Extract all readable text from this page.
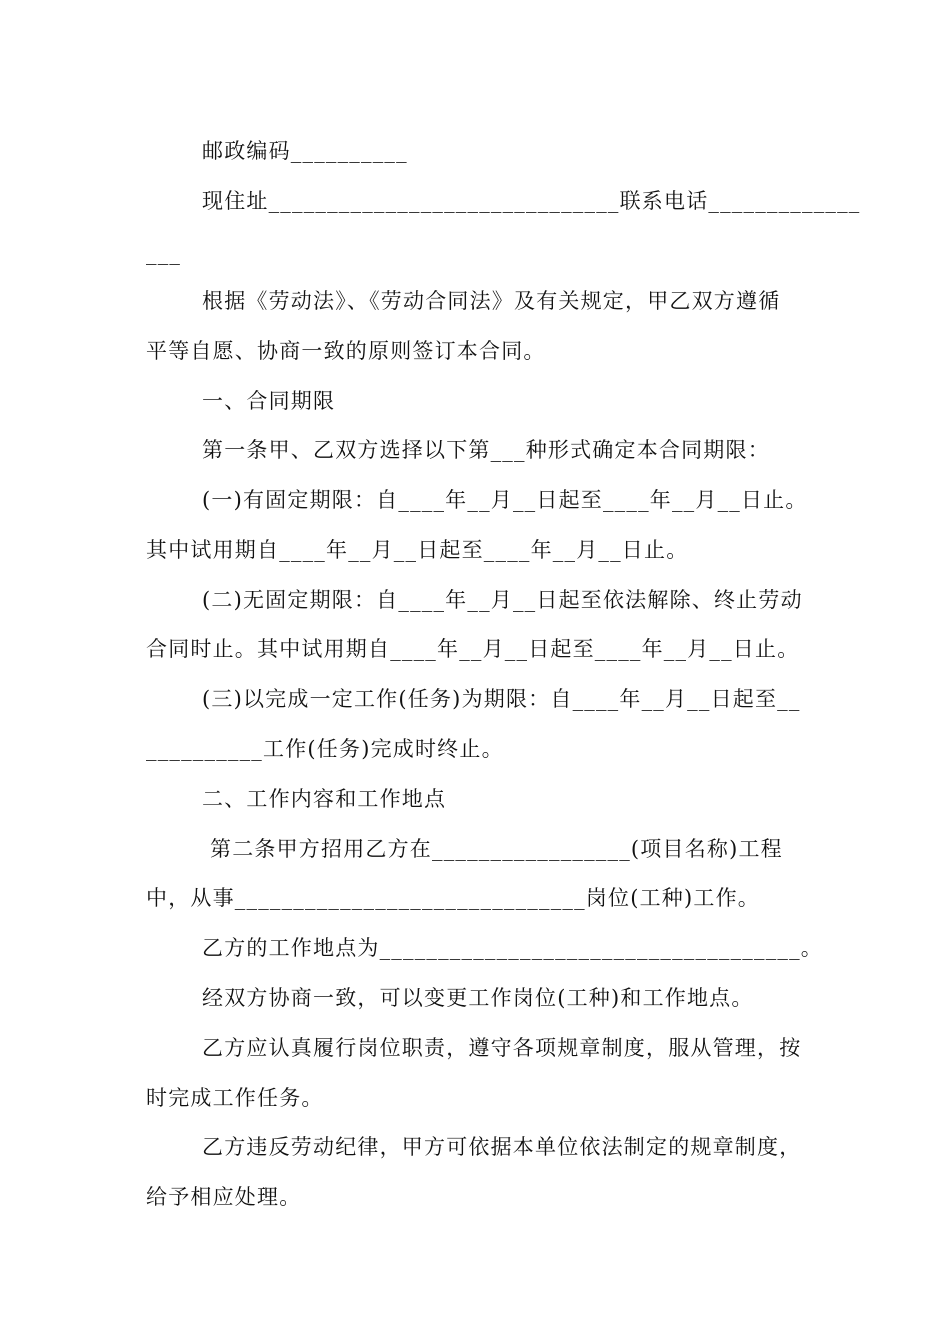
邮政编码__________
现住址______________________________联系电话_____________
___
根据《劳动法》、《劳动合同法》及有关规定，甲乙双方遵循
平等自愿、协商一致的原则签订本合同。
一、合同期限
第一条甲、乙双方选择以下第___种形式确定本合同期限：
(一)有固定期限：自____年__月__日起至____年__月__日止。
其中试用期自____年__月__日起至____年__月__日止。
(二)无固定期限：自____年__月__日起至依法解除、终止劳动
合同时止。其中试用期自____年__月__日起至____年__月__日止。
(三)以完成一定工作(任务)为期限：自____年__月__日起至__
__________工作(任务)完成时终止。
二、工作内容和工作地点
第二条甲方招用乙方在_________________(项目名称)工程
中，从事______________________________岗位(工种)工作。
乙方的工作地点为____________________________________。
经双方协商一致，可以变更工作岗位(工种)和工作地点。
乙方应认真履行岗位职责，遵守各项规章制度，服从管理，按
时完成工作任务。
乙方违反劳动纪律，甲方可依据本单位依法制定的规章制度，
给予相应处理。
